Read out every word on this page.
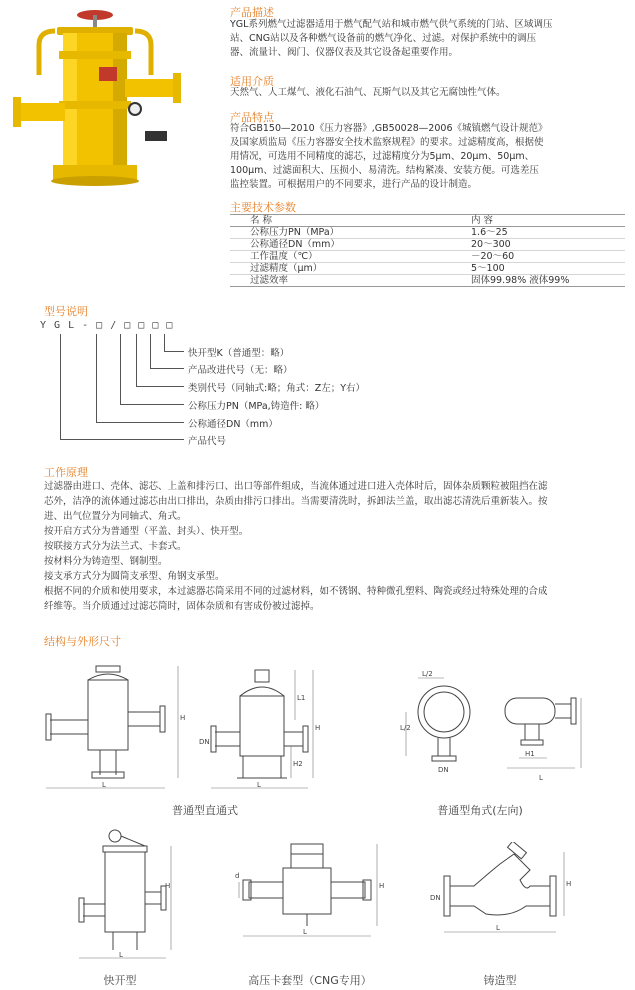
产品描述

YGL系列燃气过滤器适用于燃气配气站和城市燃气供气系统的门站、区域调压

站、CNG站以及各种燃气设备前的燃气净化、过滤。对保护系统中的调压

器、流量计、阀门、仪器仪表及其它设备起重要作用。

适用介质
天然气、人工煤气、液化石油气、瓦斯气以及其它无腐蚀性气体。
产品特点

符合GB150—2010《压力容器》,GB50028—2006《城镇燃气设计规范》

及国家质监局《压力容器安全技术监察规程》的要求。过滤精度高，根据使

用情况，可选用不同精度的滤芯，过滤精度分为5μm、20μm、50μm、

100μm、过滤面积大、压损小、易清洗。结构紧凑、安装方便。可选差压

监控装置。可根据用户的不同要求，进行产品的设计制造。

主要技术参数
名 称	内 容
公称压力PN（MPa）	1.6～25
公称通径DN（mm）	20～300
工作温度（℃）	－20～60
过滤精度（μm）	5～100
过滤效率	固体99.98% 液体99%
型号说明
Y G L - □ / □ □ □ □
快开型K（普通型：略）
产品改进代号（无：略）
类别代号（同轴式:略；角式：Z左；Y右）
公称压力PN（MPa,铸造件: 略）
公称通径DN（mm）
产品代号
工作原理

过滤器由进口、壳体、滤芯、上盖和排污口、出口等部件组成，当流体通过进口进入壳体时后，固体杂质颗粒被阻挡在滤

芯外，洁净的流体通过滤芯由出口排出，杂质由排污口排出。当需要清洗时，拆卸法兰盖，取出滤芯清洗后重新装入。按

进、出气位置分为同轴式、角式。

按开启方式分为普通型（平盖、封头）、快开型。

按联接方式分为法兰式、卡套式。

按材料分为铸造型、钢制型。

接支承方式分为圆筒支承型、角钢支承型。

根据不同的介质和使用要求，本过滤器芯筒采用不同的过滤材料，如不锈钢、特种微孔塑料、陶瓷或经过特殊处理的合成

纤维等。当介质通过过滤芯筒时，固体杂质和有害成份被过滤掉。

结构与外形尺寸
L
H
L
L1
H
H2
DN
普通型直通式
L/2
L/2
DN
H1
L
普通型角式(左向)
L
H
快开型
L
H
d
高压卡套型（CNG专用）
L
H
DN
铸造型
